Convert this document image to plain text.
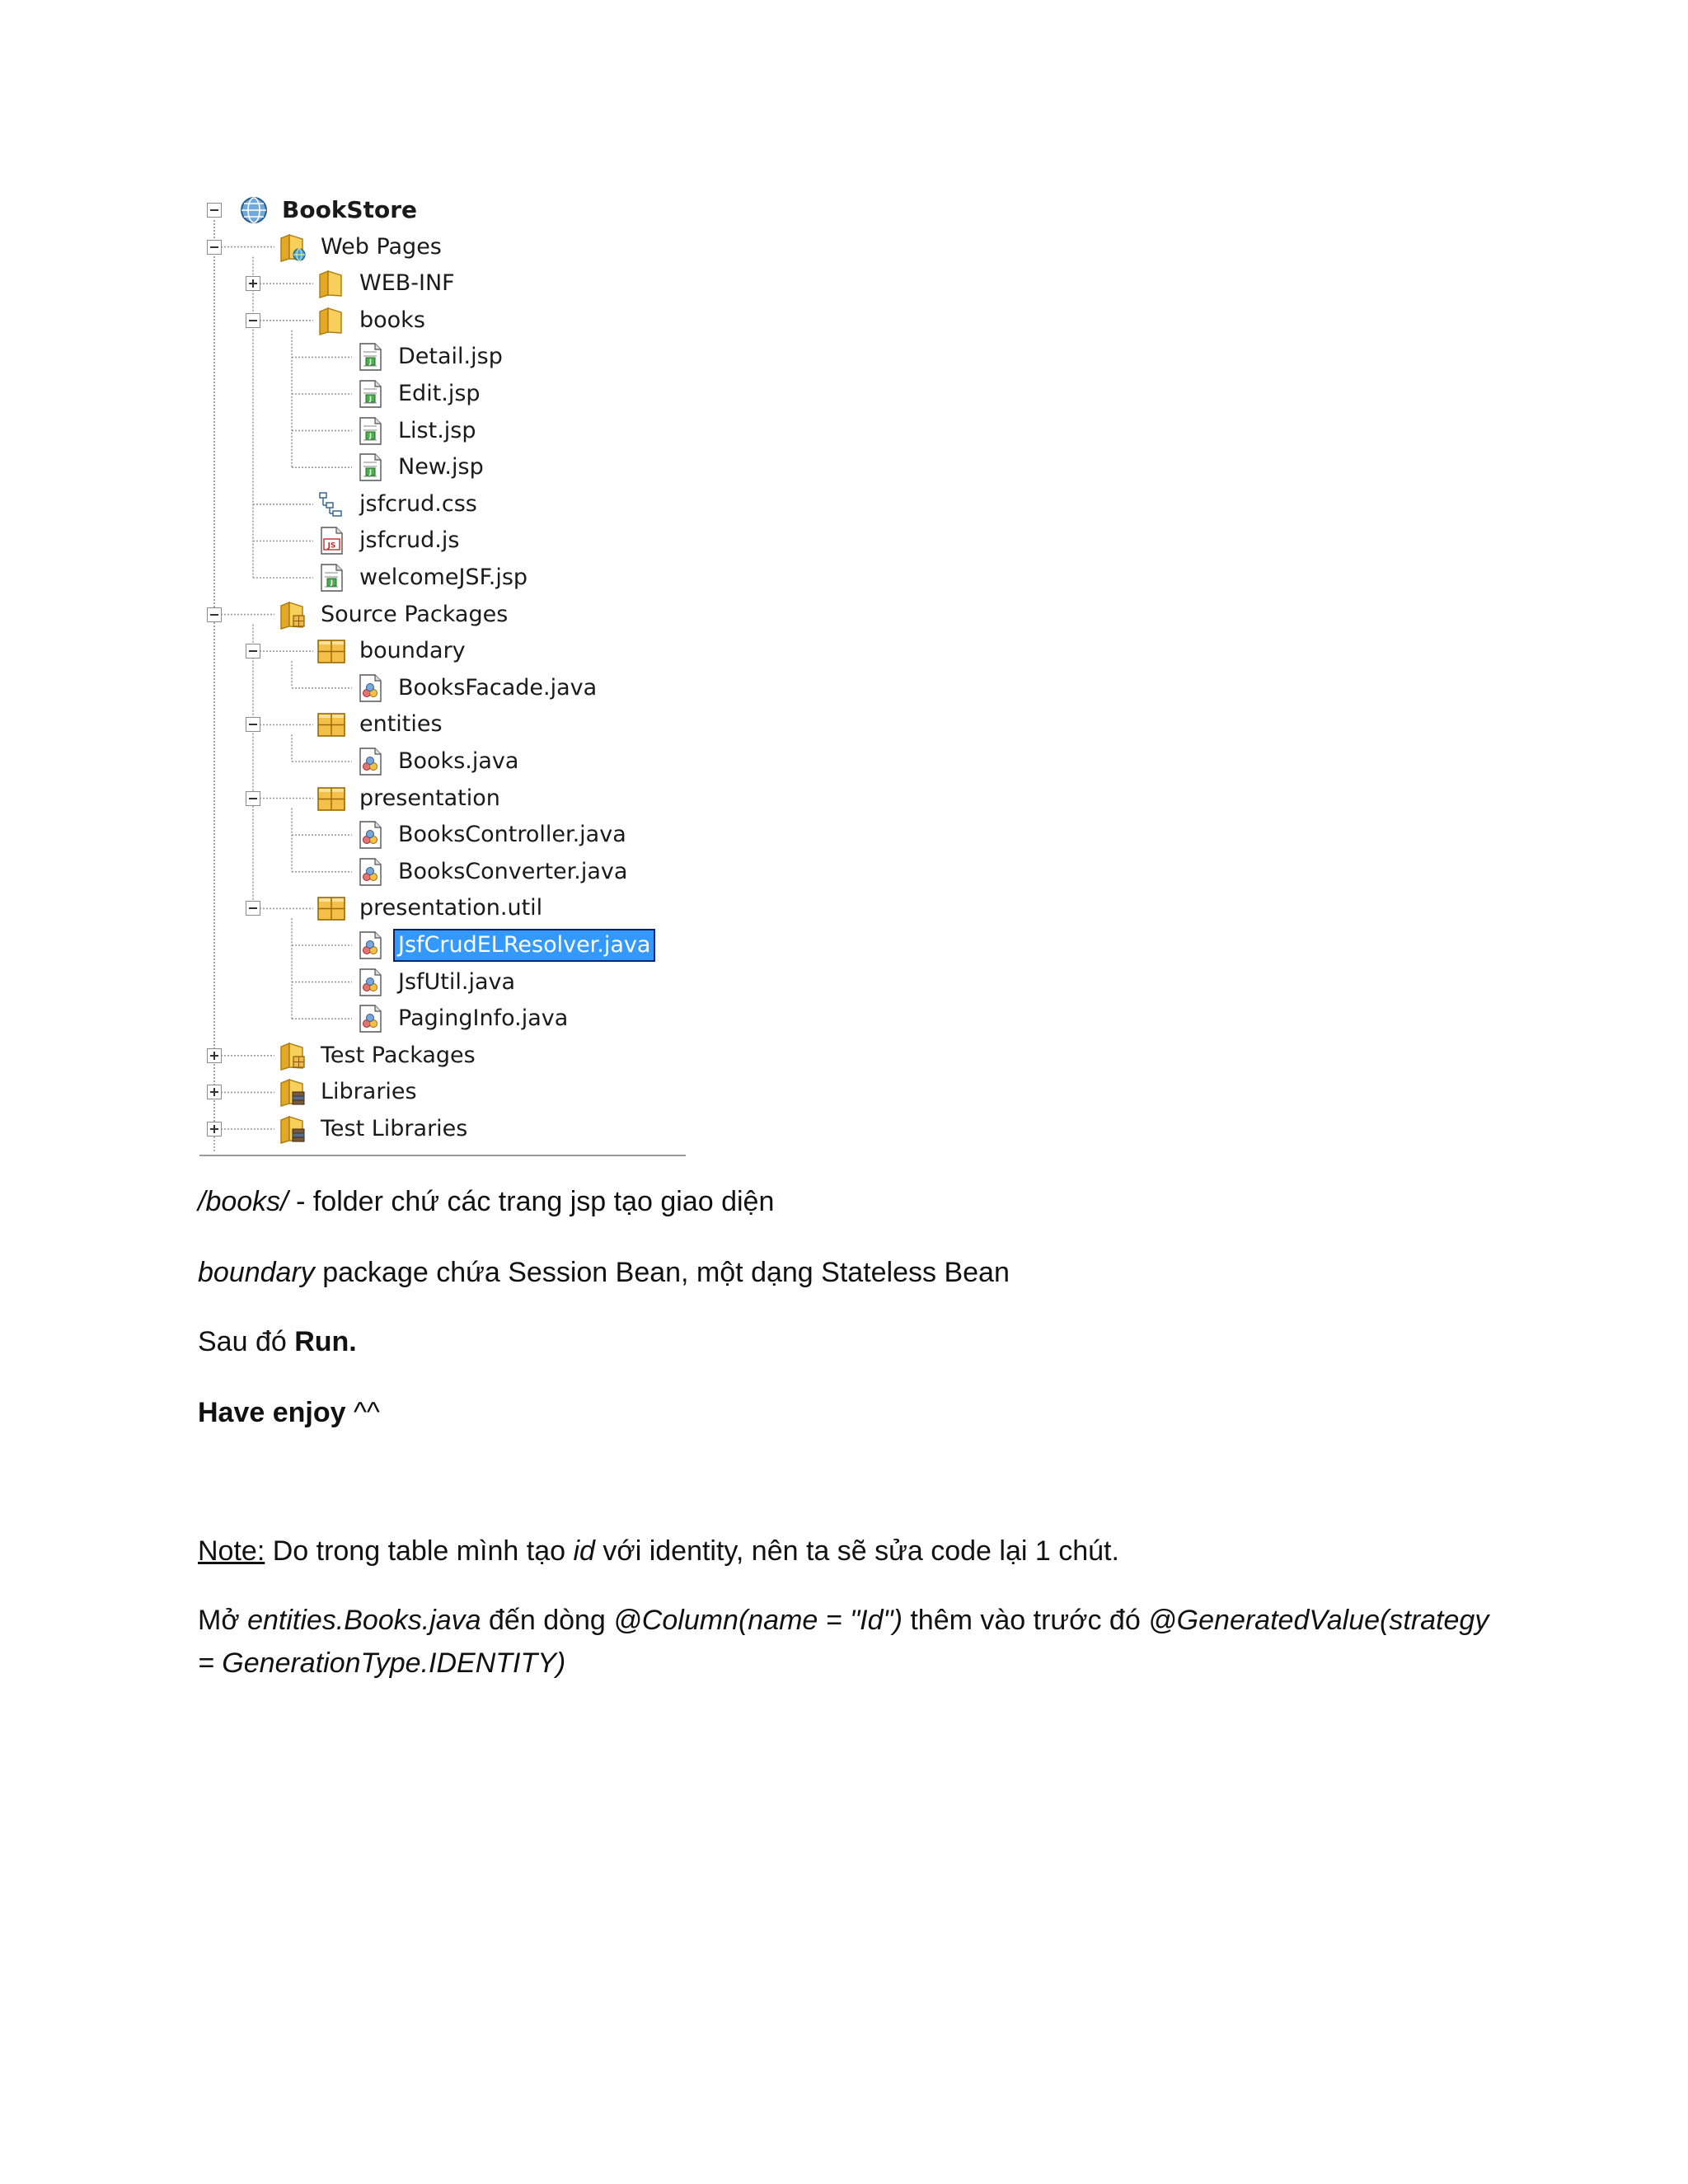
BookStore
Web Pages
WEB-INF
books
J Detail.jsp
J Edit.jsp
J List.jsp
J New.jsp
jsfcrud.css
JS jsfcrud.js
J welcomeJSF.jsp
Source Packages
boundary
BooksFacade.java
entities
Books.java
presentation
BooksController.java
BooksConverter.java
presentation.util
JsfCrudELResolver.java
JsfUtil.java
PagingInfo.java
Test Packages
Libraries
Test Libraries
/books/ - folder chứ các trang jsp tạo giao diện
boundary package chứa Session Bean, một dạng Stateless Bean
Sau đó Run.
Have enjoy ^^
Note: Do trong table mình tạo id với identity, nên ta sẽ sửa code lại 1 chút.
Mở entities.Books.java đến dòng @Column(name = "Id") thêm vào trước đó @GeneratedValue(strategy
= GenerationType.IDENTITY)
